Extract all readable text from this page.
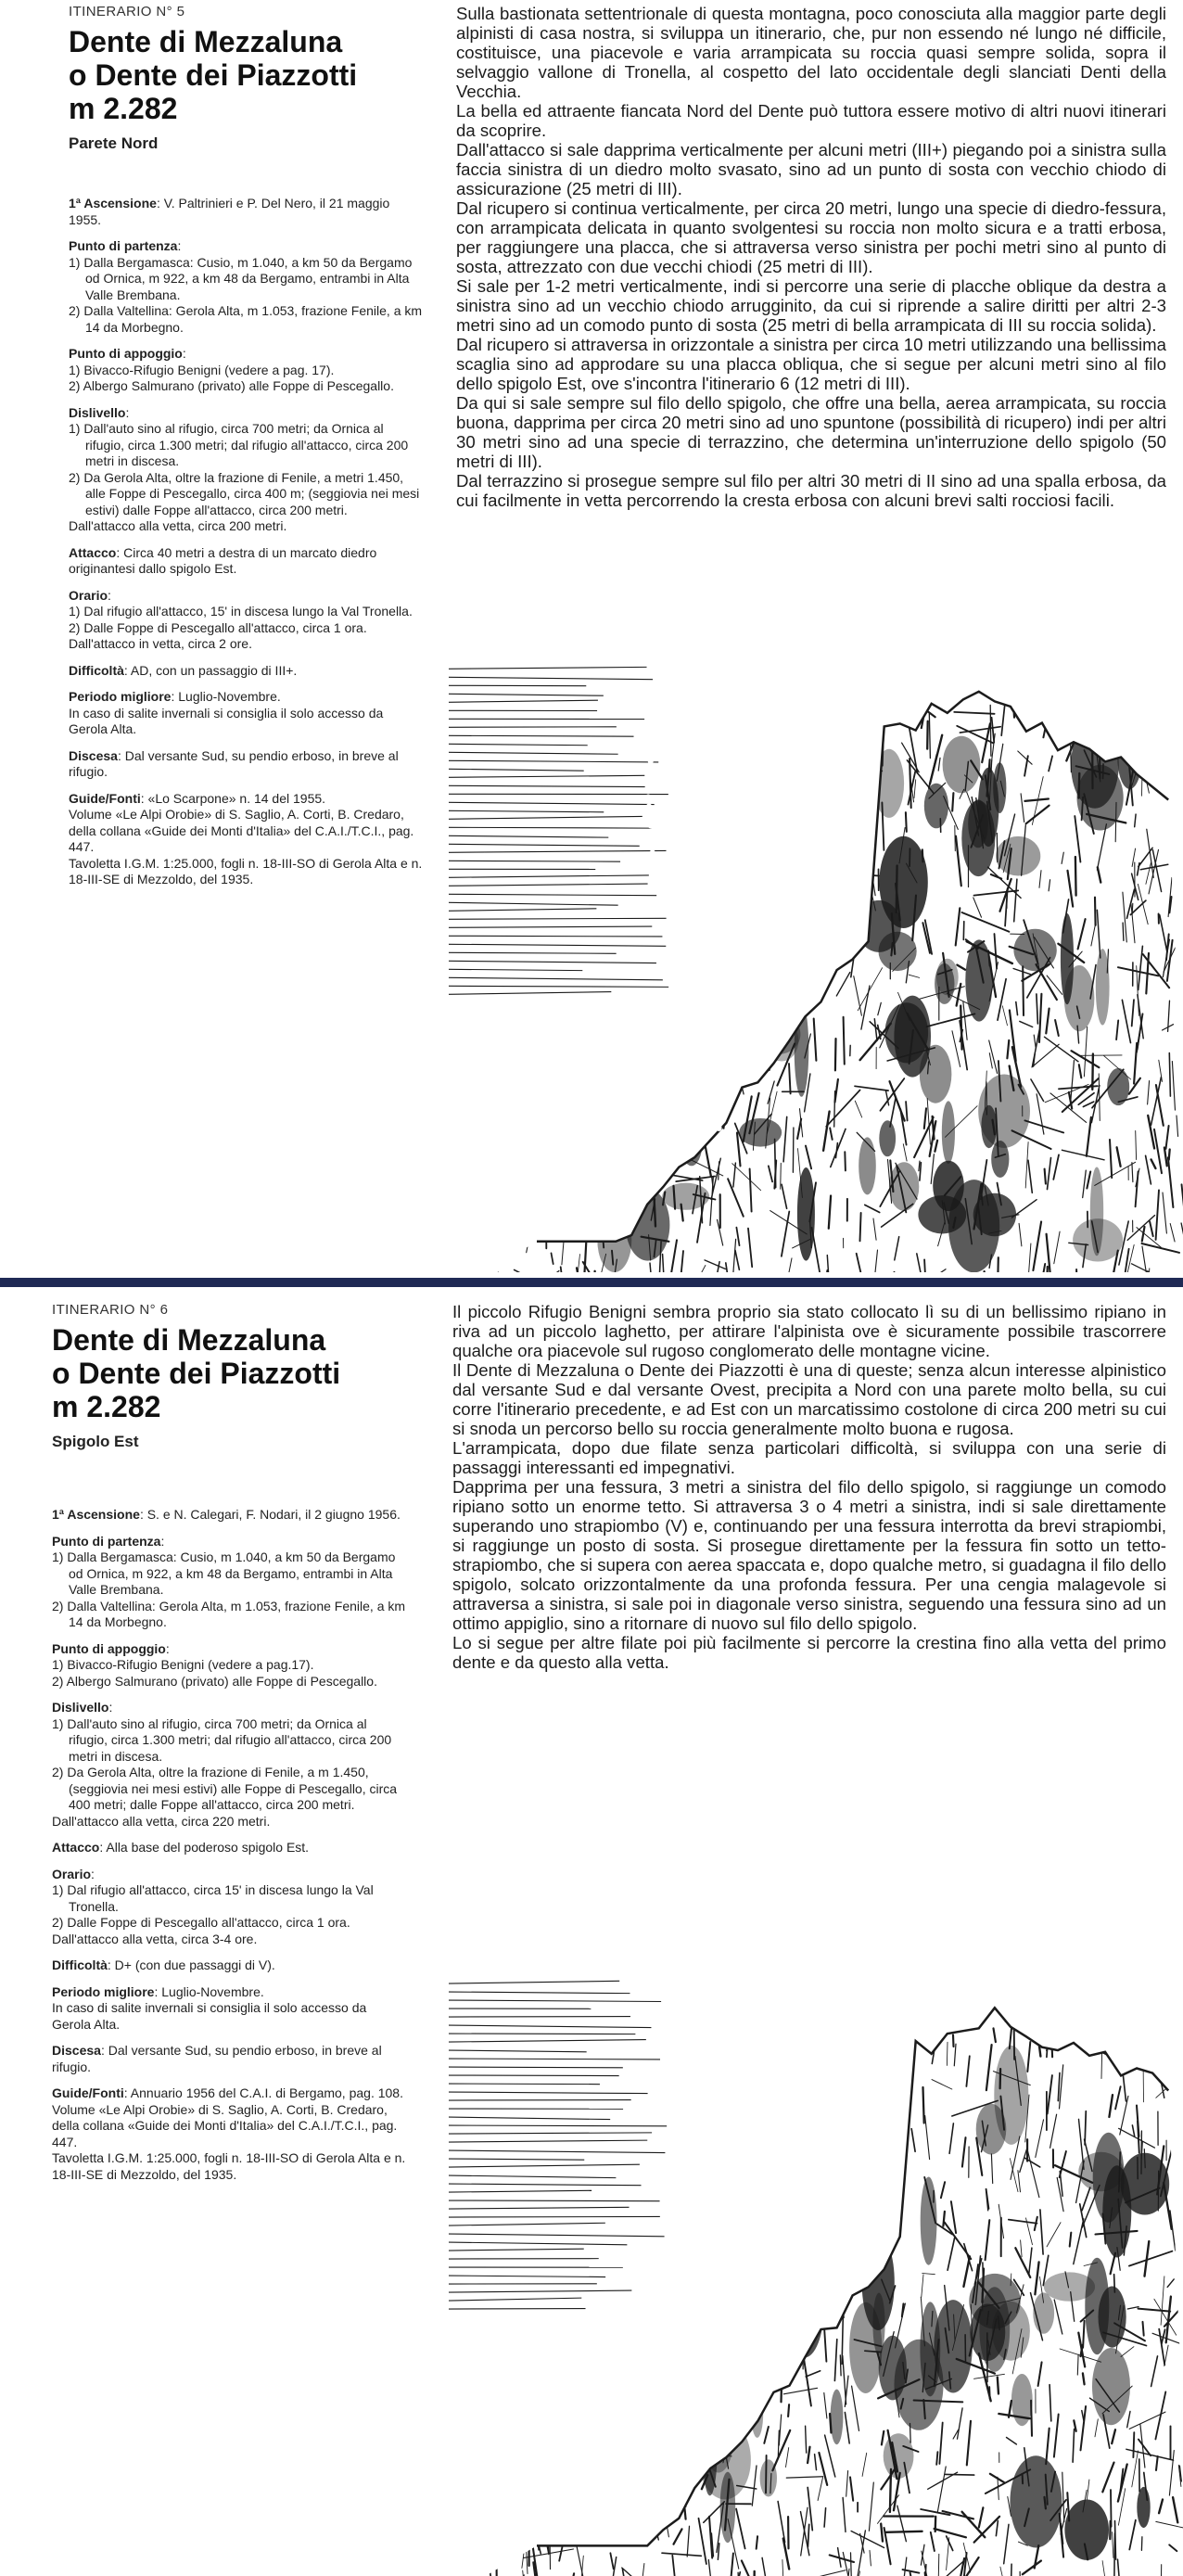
ITINERARIO N° 5
Dente di Mezzaluna
o Dente dei Piazzotti
m 2.282
Parete Nord
1ª Ascensione: V. Paltrinieri e P. Del Nero, il 21 maggio 1955.
Punto di partenza:
1) Dalla Bergamasca: Cusio, m 1.040, a km 50 da Bergamo od Ornica, m 922, a km 48 da Bergamo, entrambi in Alta Valle Brembana.
2) Dalla Valtellina: Gerola Alta, m 1.053, frazione Fenile, a km 14 da Morbegno.
Punto di appoggio:
1) Bivacco-Rifugio Benigni (vedere a pag. 17).
2) Albergo Salmurano (privato) alle Foppe di Pescegallo.
Dislivello:
1) Dall'auto sino al rifugio, circa 700 metri; da Ornica al rifugio, circa 1.300 metri; dal rifugio all'attacco, circa 200 metri in discesa.
2) Da Gerola Alta, oltre la frazione di Fenile, a metri 1.450, alle Foppe di Pescegallo, circa 400 m; (seggiovia nei mesi estivi) dalle Foppe all'attacco, circa 200 metri.
Dall'attacco alla vetta, circa 200 metri.
Attacco: Circa 40 metri a destra di un marcato diedro originantesi dallo spigolo Est.
Orario:
1) Dal rifugio all'attacco, 15' in discesa lungo la Val Tronella.
2) Dalle Foppe di Pescegallo all'attacco, circa 1 ora.
Dall'attacco in vetta, circa 2 ore.
Difficoltà: AD, con un passaggio di III+.
Periodo migliore: Luglio-Novembre.
In caso di salite invernali si consiglia il solo accesso da Gerola Alta.
Discesa: Dal versante Sud, su pendio erboso, in breve al rifugio.
Guide/Fonti: «Lo Scarpone» n. 14 del 1955.
Volume «Le Alpi Orobie» di S. Saglio, A. Corti, B. Credaro, della collana «Guide dei Monti d'Italia» del C.A.I./T.C.I., pag. 447.
Tavoletta I.G.M. 1:25.000, fogli n. 18-III-SO di Gerola Alta e n. 18-III-SE di Mezzoldo, del 1935.

Sulla bastionata settentrionale di questa montagna, poco conosciuta alla maggior parte degli alpinisti di casa nostra, si sviluppa un itinerario, che, pur non essendo né lungo né difficile, costituisce, una piacevole e varia arrampicata su roccia quasi sempre solida, sopra il selvaggio vallone di Tronella, al cospetto del lato occidentale degli slanciati Denti della Vecchia.

La bella ed attraente fiancata Nord del Dente può tuttora essere motivo di altri nuovi itinerari da scoprire.

Dall'attacco si sale dapprima verticalmente per alcuni metri (III+) piegando poi a sinistra sulla faccia sinistra di un diedro molto svasato, sino ad un punto di sosta con vecchio chiodo di assicurazione (25 metri di III).

Dal ricupero si continua verticalmente, per circa 20 metri, lungo una specie di diedro-fessura, con arrampicata delicata in quanto svolgentesi su roccia non molto sicura e a tratti erbosa, per raggiungere una placca, che si attraversa verso sinistra per pochi metri sino al punto di sosta, attrezzato con due vecchi chiodi (25 metri di III).

Si sale per 1-2 metri verticalmente, indi si percorre una serie di placche oblique da destra a sinistra sino ad un vecchio chiodo arrugginito, da cui si riprende a salire diritti per altri 2-3 metri sino ad un comodo punto di sosta (25 metri di bella arrampicata di III su roccia solida).

Dal ricupero si attraversa in orizzontale a sinistra per circa 10 metri utilizzando una bellissima scaglia sino ad approdare su una placca obliqua, che si segue per alcuni metri sino al filo dello spigolo Est, ove s'incontra l'itinerario 6 (12 metri di III).

Da qui si sale sempre sul filo dello spigolo, che offre una bella, aerea arrampicata, su roccia buona, dapprima per circa 20 metri sino ad uno spuntone (possibilità di ricupero) indi per altri 30 metri sino ad una specie di terrazzino, che determina un'interruzione dello spigolo (50 metri di III).

Dal terrazzino si prosegue sempre sul filo per altri 30 metri di II sino ad una spalla erbosa, da cui facilmente in vetta percorrendo la cresta erbosa con alcuni brevi salti rocciosi facili.

ITINERARIO N° 6
Dente di Mezzaluna
o Dente dei Piazzotti
m 2.282
Spigolo Est
1ª Ascensione: S. e N. Calegari, F. Nodari, il 2 giugno 1956.
Punto di partenza:
1) Dalla Bergamasca: Cusio, m 1.040, a km 50 da Bergamo od Ornica, m 922, a km 48 da Bergamo, entrambi in Alta Valle Brembana.
2) Dalla Valtellina: Gerola Alta, m 1.053, frazione Fenile, a km 14 da Morbegno.
Punto di appoggio:
1) Bivacco-Rifugio Benigni (vedere a pag.17).
2) Albergo Salmurano (privato) alle Foppe di Pescegallo.
Dislivello:
1) Dall'auto sino al rifugio, circa 700 metri; da Ornica al rifugio, circa 1.300 metri; dal rifugio all'attacco, circa 200 metri in discesa.
2) Da Gerola Alta, oltre la frazione di Fenile, a m 1.450, (seggiovia nei mesi estivi) alle Foppe di Pescegallo, circa 400 metri; dalle Foppe all'attacco, circa 200 metri.
Dall'attacco alla vetta, circa 220 metri.
Attacco: Alla base del poderoso spigolo Est.
Orario:
1) Dal rifugio all'attacco, circa 15' in discesa lungo la Val Tronella.
2) Dalle Foppe di Pescegallo all'attacco, circa 1 ora.
Dall'attacco alla vetta, circa 3-4 ore.
Difficoltà: D+ (con due passaggi di V).
Periodo migliore: Luglio-Novembre.
In caso di salite invernali si consiglia il solo accesso da Gerola Alta.
Discesa: Dal versante Sud, su pendio erboso, in breve al rifugio.
Guide/Fonti: Annuario 1956 del C.A.I. di Bergamo, pag. 108.
Volume «Le Alpi Orobie» di S. Saglio, A. Corti, B. Credaro, della collana «Guide dei Monti d'Italia» del C.A.I./T.C.I., pag. 447.
Tavoletta I.G.M. 1:25.000, fogli n. 18-III-SO di Gerola Alta e n. 18-III-SE di Mezzoldo, del 1935.

Il piccolo Rifugio Benigni sembra proprio sia stato collocato lì su di un bellissimo ripiano in riva ad un piccolo laghetto, per attirare l'alpinista ove è sicuramente possibile trascorrere qualche ora piacevole sul rugoso conglomerato delle montagne vicine.

Il Dente di Mezzaluna o Dente dei Piazzotti è una di queste; senza alcun interesse alpinistico dal versante Sud e dal versante Ovest, precipita a Nord con una parete molto bella, su cui corre l'itinerario precedente, e ad Est con un marcatissimo costolone di circa 200 metri su cui si snoda un percorso bello su roccia generalmente molto buona e rugosa.

L'arrampicata, dopo due filate senza particolari difficoltà, si sviluppa con una serie di passaggi interessanti ed impegnativi.

Dapprima per una fessura, 3 metri a sinistra del filo dello spigolo, si raggiunge un comodo ripiano sotto un enorme tetto. Si attraversa 3 o 4 metri a sinistra, indi si sale direttamente superando uno strapiombo (V) e, continuando per una fessura interrotta da brevi strapiombi, si raggiunge un posto di sosta. Si prosegue direttamente per la fessura fin sotto un tetto-strapiombo, che si supera con aerea spaccata e, dopo qualche metro, si guadagna il filo dello spigolo, solcato orizzontalmente da una profonda fessura. Per una cengia malagevole si attraversa a sinistra, si sale poi in diagonale verso sinistra, seguendo una fessura sino ad un ottimo appiglio, sino a ritornare di nuovo sul filo dello spigolo.

Lo si segue per altre filate poi più facilmente si percorre la crestina fino alla vetta del primo dente e da questo alla vetta.
